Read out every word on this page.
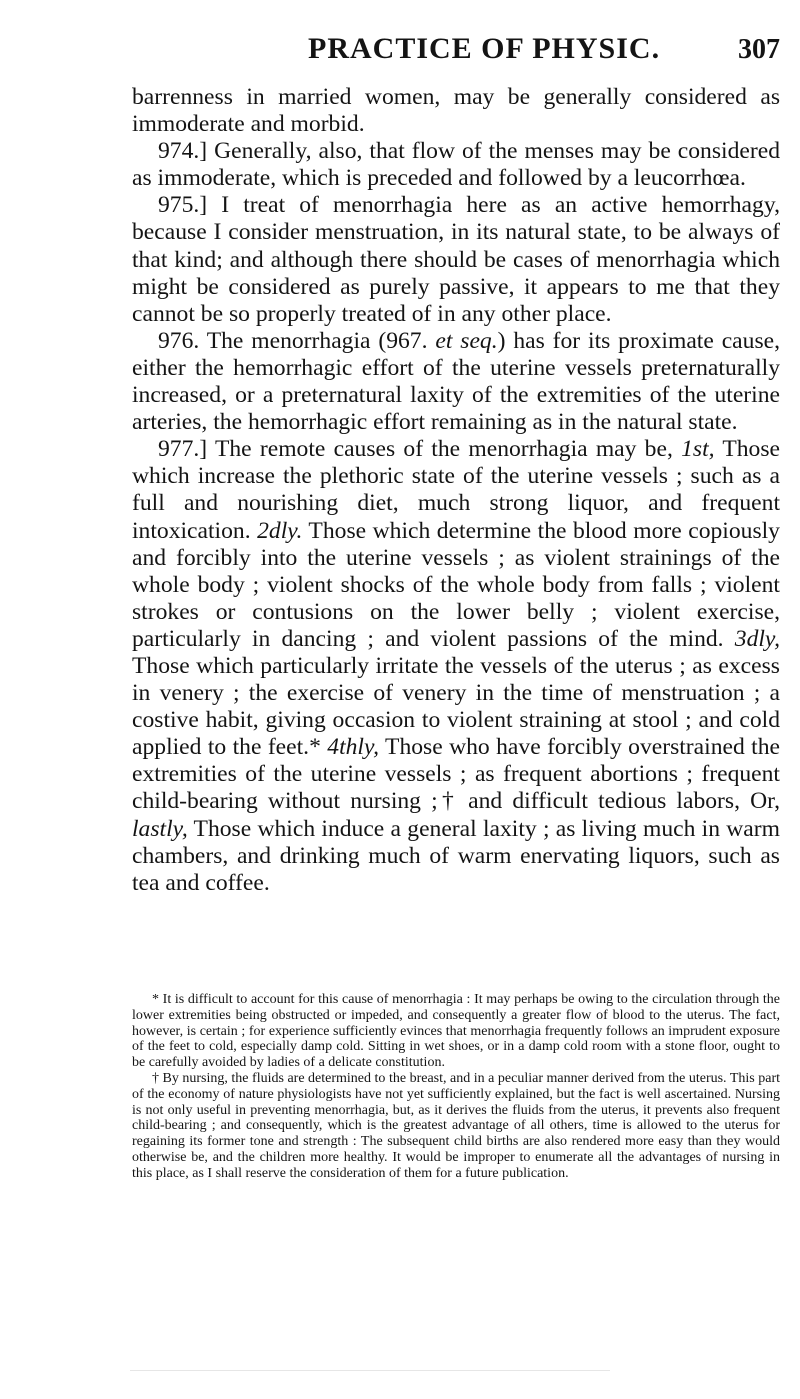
PRACTICE OF PHYSIC.	307

barrenness in married women, may be generally considered as immoderate and morbid.

974.] Generally, also, that flow of the menses may be considered as immoderate, which is preceded and followed by a leucorrhœa.

975.] I treat of menorrhagia here as an active hemorrhagy, because I consider menstruation, in its natural state, to be always of that kind; and although there should be cases of menorrhagia which might be considered as purely passive, it appears to me that they cannot be so properly treated of in any other place.

976. The menorrhagia (967. et seq.) has for its proximate cause, either the hemorrhagic effort of the uterine vessels preternaturally increased, or a preternatural laxity of the extremities of the uterine arteries, the hemorrhagic effort remaining as in the natural state.

977.] The remote causes of the menorrhagia may be, 1st, Those which increase the plethoric state of the uterine vessels ; such as a full and nourishing diet, much strong liquor, and frequent intoxication. 2dly. Those which determine the blood more copiously and forcibly into the uterine vessels ; as violent strainings of the whole body ; violent shocks of the whole body from falls ; violent strokes or contusions on the lower belly ; violent exercise, particularly in dancing ; and violent passions of the mind. 3dly, Those which particularly irritate the vessels of the uterus ; as excess in venery ; the exercise of venery in the time of menstruation ; a costive habit, giving occasion to violent straining at stool ; and cold applied to the feet.* 4thly, Those who have forcibly overstrained the extremities of the uterine vessels ; as frequent abortions ; frequent child-bearing without nursing ;† and difficult tedious labors, Or, lastly, Those which induce a general laxity ; as living much in warm chambers, and drinking much of warm enervating liquors, such as tea and coffee.

* It is difficult to account for this cause of menorrhagia : It may perhaps be owing to the circulation through the lower extremities being obstructed or impeded, and consequently a greater flow of blood to the uterus. The fact, however, is certain ; for experience sufficiently evinces that menorrhagia frequently follows an imprudent exposure of the feet to cold, especially damp cold. Sitting in wet shoes, or in a damp cold room with a stone floor, ought to be carefully avoided by ladies of a delicate constitution.

† By nursing, the fluids are determined to the breast, and in a peculiar manner derived from the uterus. This part of the economy of nature physiologists have not yet sufficiently explained, but the fact is well ascertained. Nursing is not only useful in preventing menorrhagia, but, as it derives the fluids from the uterus, it prevents also frequent child-bearing ; and consequently, which is the greatest advantage of all others, time is allowed to the uterus for regaining its former tone and strength : The subsequent child births are also rendered more easy than they would otherwise be, and the children more healthy. It would be improper to enumerate all the advantages of nursing in this place, as I shall reserve the consideration of them for a future publication.
